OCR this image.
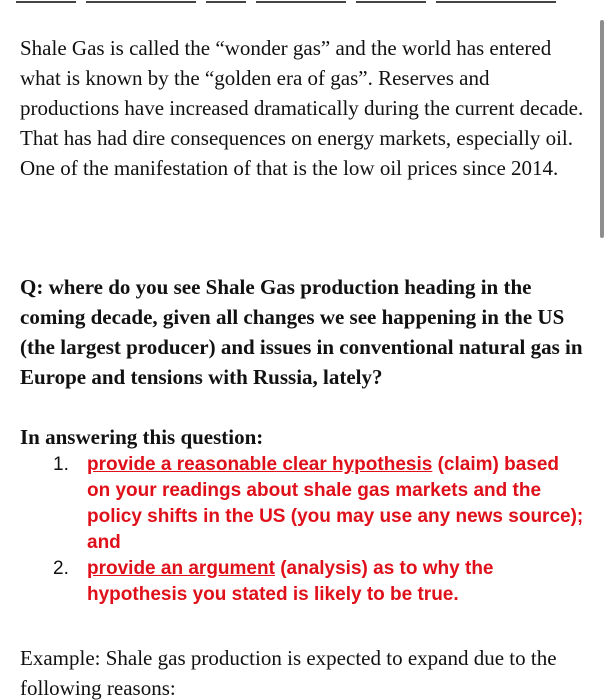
Shale Gas is called the “wonder gas” and the world has entered what is known by the “golden era of gas”. Reserves and productions have increased dramatically during the current decade. That has had dire consequences on energy markets, especially oil. One of the manifestation of that is the low oil prices since 2014.

Q: where do you see Shale Gas production heading in the coming decade, given all changes we see happening in the US (the largest producer) and issues in conventional natural gas in Europe and tensions with Russia, lately?

In answering this question:

1. provide a reasonable clear hypothesis (claim) based on your readings about shale gas markets and the policy shifts in the US (you may use any news source); and
2. provide an argument (analysis) as to why the hypothesis you stated is likely to be true.

Example: Shale gas production is expected to expand due to the following reasons:
